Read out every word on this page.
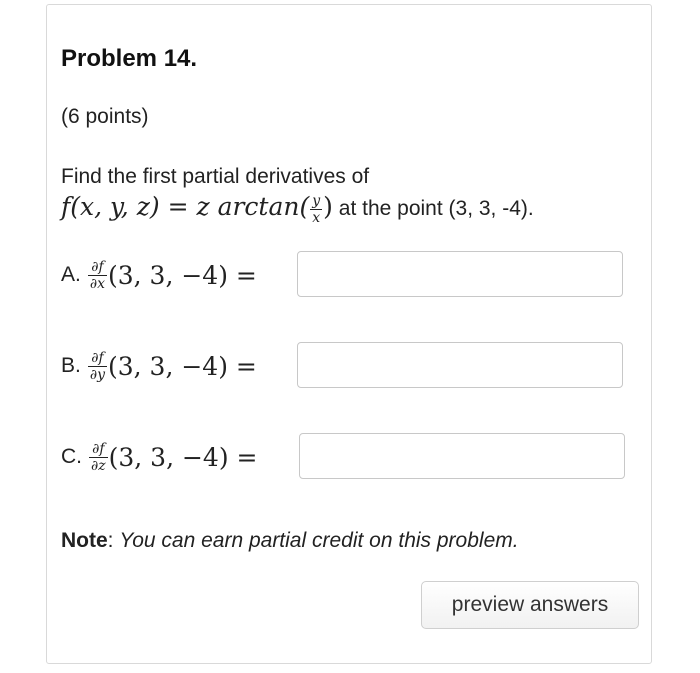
Problem 14.
(6 points)
Find the first partial derivatives of
f(x, y, z) = z $\arctan( \frac{y}{x}$ ) at the point (3, 3, -4).
A. $\frac{\partial f}{\partial x} (3$, 3, −4) =
B. $\frac{\partial f}{\partial y} (3$, 3, −4) =
C. $\frac{\partial f}{\partial z} (3$, 3, −4) =
Note: You can earn partial credit on this problem.
preview answers
